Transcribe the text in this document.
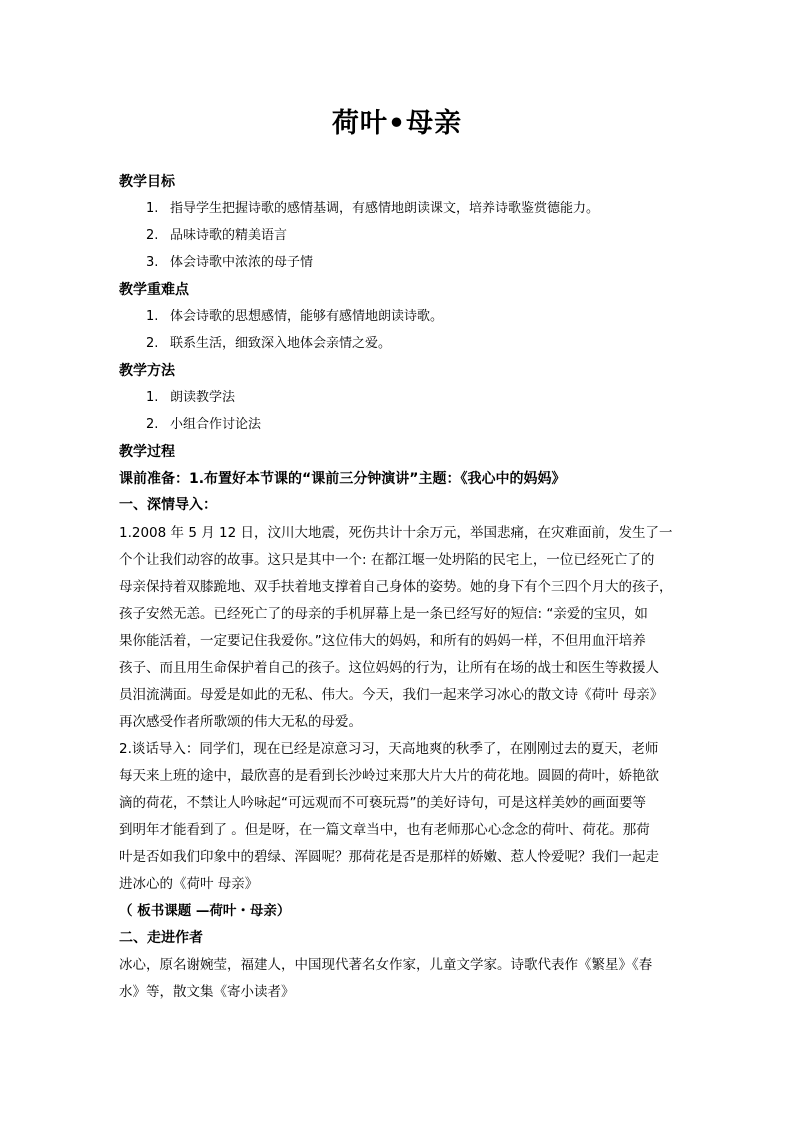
荷叶•母亲
教学目标
1. 指导学生把握诗歌的感情基调，有感情地朗读课文，培养诗歌鉴赏德能力。
2. 品味诗歌的精美语言
3. 体会诗歌中浓浓的母子情
教学重难点
1. 体会诗歌的思想感情，能够有感情地朗读诗歌。
2. 联系生活，细致深入地体会亲情之爱。
教学方法
1. 朗读教学法
2. 小组合作讨论法
教学过程
课前准备：1.布置好本节课的“课前三分钟演讲”主题：《我心中的妈妈》
一、深情导入：
1.2008 年 5 月 12 日，汶川大地震，死伤共计十余万元，举国悲痛，在灾难面前，发生了一
个个让我们动容的故事。这只是其中一个: 在都江堰一处坍陷的民宅上，一位已经死亡了的
母亲保持着双膝跪地、双手扶着地支撑着自己身体的姿势。她的身下有个三四个月大的孩子，
孩子安然无恙。已经死亡了的母亲的手机屏幕上是一条已经写好的短信: “亲爱的宝贝，如
果你能活着，一定要记住我爱你。”这位伟大的妈妈，和所有的妈妈一样，不但用血汗培养
孩子、而且用生命保护着自己的孩子。这位妈妈的行为，让所有在场的战士和医生等救援人
员泪流满面。母爱是如此的无私、伟大。今天，我们一起来学习冰心的散文诗《荷叶 母亲》
再次感受作者所歌颂的伟大无私的母爱。
2.谈话导入：同学们，现在已经是凉意习习，天高地爽的秋季了，在刚刚过去的夏天，老师
每天来上班的途中，最欣喜的是看到长沙岭过来那大片大片的荷花地。圆圆的荷叶，娇艳欲
滴的荷花，不禁让人吟咏起“可远观而不可亵玩焉”的美好诗句，可是这样美妙的画面要等
到明年才能看到了 。但是呀，在一篇文章当中，也有老师那心心念念的荷叶、荷花。那荷
叶是否如我们印象中的碧绿、浑圆呢？那荷花是否是那样的娇嫩、惹人怜爱呢？我们一起走
进冰心的《荷叶 母亲》
（ 板书课题 —荷叶・母亲）
二、走进作者
冰心，原名谢婉莹，福建人，中国现代著名女作家，儿童文学家。诗歌代表作《繁星》《春
水》等，散文集《寄小读者》
